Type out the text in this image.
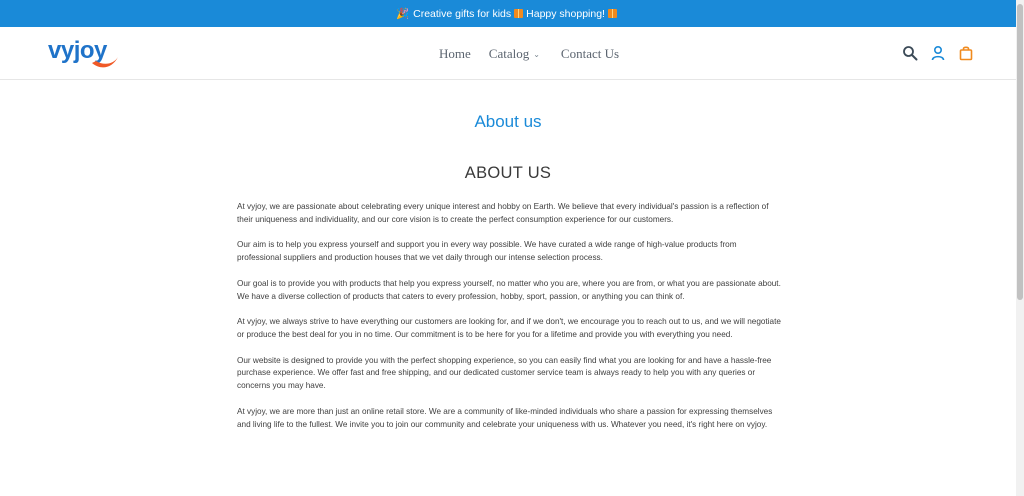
🎉 Creative gifts for kids Happy shopping!
vyjoy	Home Catalog ⌄ Contact Us
About us
ABOUT US

At vyjoy, we are passionate about celebrating every unique interest and hobby on Earth. We believe that every individual's passion is a reflection of their uniqueness and individuality, and our core vision is to create the perfect consumption experience for our customers.

Our aim is to help you express yourself and support you in every way possible. We have curated a wide range of high-value products from professional suppliers and production houses that we vet daily through our intense selection process.

Our goal is to provide you with products that help you express yourself, no matter who you are, where you are from, or what you are passionate about. We have a diverse collection of products that caters to every profession, hobby, sport, passion, or anything you can think of.

At vyjoy, we always strive to have everything our customers are looking for, and if we don't, we encourage you to reach out to us, and we will negotiate or produce the best deal for you in no time. Our commitment is to be here for you for a lifetime and provide you with everything you need.

Our website is designed to provide you with the perfect shopping experience, so you can easily find what you are looking for and have a hassle-free purchase experience. We offer fast and free shipping, and our dedicated customer service team is always ready to help you with any queries or concerns you may have.

At vyjoy, we are more than just an online retail store. We are a community of like-minded individuals who share a passion for expressing themselves and living life to the fullest. We invite you to join our community and celebrate your uniqueness with us. Whatever you need, it's right here on vyjoy.
